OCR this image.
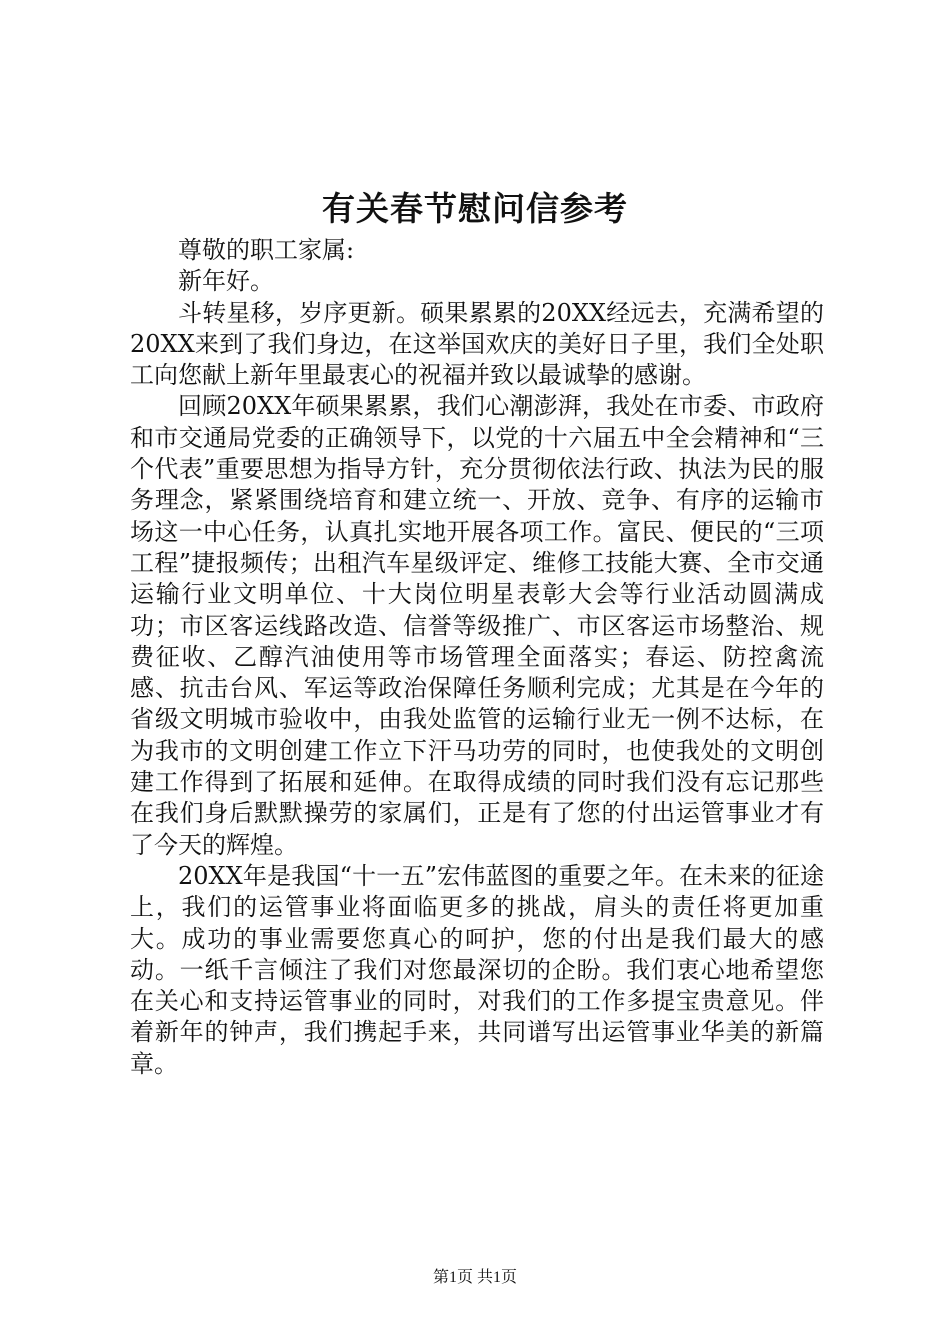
有关春节慰问信参考

尊敬的职工家属:

新年好。

斗转星移，岁序更新。硕果累累的20XX经远去，充满希望的20XX来到了我们身边，在这举国欢庆的美好日子里，我们全处职工向您献上新年里最衷心的祝福并致以最诚挚的感谢。

回顾20XX年硕果累累，我们心潮澎湃，我处在市委、市政府和市交通局党委的正确领导下，以党的十六届五中全会精神和“三个代表”重要思想为指导方针，充分贯彻依法行政、执法为民的服务理念，紧紧围绕培育和建立统一、开放、竞争、有序的运输市场这一中心任务，认真扎实地开展各项工作。富民、便民的“三项工程”捷报频传；出租汽车星级评定、维修工技能大赛、全市交通运输行业文明单位、十大岗位明星表彰大会等行业活动圆满成功；市区客运线路改造、信誉等级推广、市区客运市场整治、规费征收、乙醇汽油使用等市场管理全面落实；春运、防控禽流感、抗击台风、军运等政治保障任务顺利完成；尤其是在今年的省级文明城市验收中，由我处监管的运输行业无一例不达标，在为我市的文明创建工作立下汗马功劳的同时，也使我处的文明创建工作得到了拓展和延伸。在取得成绩的同时我们没有忘记那些在我们身后默默操劳的家属们，正是有了您的付出运管事业才有了今天的辉煌。

20XX年是我国“十一五”宏伟蓝图的重要之年。在未来的征途上，我们的运管事业将面临更多的挑战，肩头的责任将更加重大。成功的事业需要您真心的呵护，您的付出是我们最大的感动。一纸千言倾注了我们对您最深切的企盼。我们衷心地希望您在关心和支持运管事业的同时，对我们的工作多提宝贵意见。伴着新年的钟声，我们携起手来，共同谱写出运管事业华美的新篇章。

第1页 共1页
